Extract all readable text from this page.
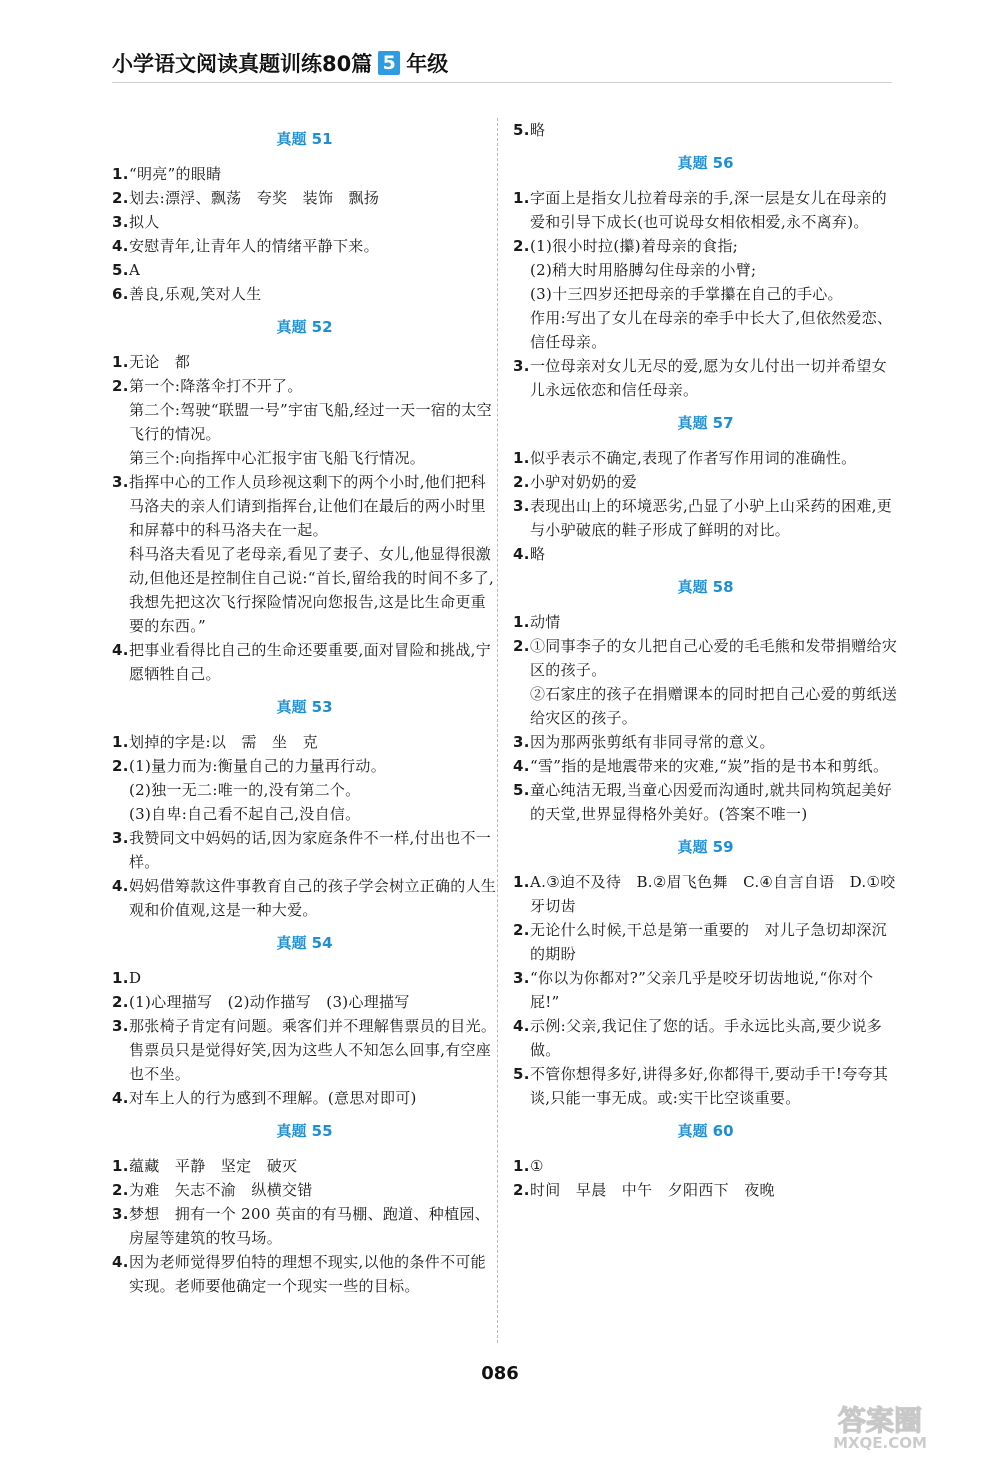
小学语文阅读真题训练80篇 5 年级
真题 51
1. “明亮”的眼睛
2. 划去:漂浮、飘荡　夸奖　装饰　飘扬
3. 拟人
4. 安慰青年,让青年人的情绪平静下来。
5. A
6. 善良,乐观,笑对人生
真题 52
1. 无论　都
2. 第一个:降落伞打不开了。
第二个:驾驶“联盟一号”宇宙飞船,经过一天一宿的太空飞行的情况。
第三个:向指挥中心汇报宇宙飞船飞行情况。
3. 指挥中心的工作人员珍视这剩下的两个小时,他们把科马洛夫的亲人们请到指挥台,让他们在最后的两小时里和屏幕中的科马洛夫在一起。
科马洛夫看见了老母亲,看见了妻子、女儿,他显得很激动,但他还是控制住自己说:“首长,留给我的时间不多了,我想先把这次飞行探险情况向您报告,这是比生命更重要的东西。”
4. 把事业看得比自己的生命还要重要,面对冒险和挑战,宁愿牺牲自己。
真题 53
1. 划掉的字是:以　需　坐　克
2. (1)量力而为:衡量自己的力量再行动。
(2)独一无二:唯一的,没有第二个。
(3)自卑:自己看不起自己,没自信。
3. 我赞同文中妈妈的话,因为家庭条件不一样,付出也不一样。
4. 妈妈借筹款这件事教育自己的孩子学会树立正确的人生观和价值观,这是一种大爱。
真题 54
1. D
2. (1)心理描写　(2)动作描写　(3)心理描写
3. 那张椅子肯定有问题。乘客们并不理解售票员的目光。售票员只是觉得好笑,因为这些人不知怎么回事,有空座也不坐。
4. 对车上人的行为感到不理解。(意思对即可)
真题 55
1. 蕴藏　平静　坚定　破灭
2. 为难　矢志不渝　纵横交错
3. 梦想　拥有一个 200 英亩的有马棚、跑道、种植园、房屋等建筑的牧马场。
4. 因为老师觉得罗伯特的理想不现实,以他的条件不可能实现。老师要他确定一个现实一些的目标。
5. 略
真题 56
1. 字面上是指女儿拉着母亲的手,深一层是女儿在母亲的爱和引导下成长(也可说母女相依相爱,永不离弃)。
2. (1)很小时拉(攥)着母亲的食指;
(2)稍大时用胳膊勾住母亲的小臂;
(3)十三四岁还把母亲的手掌攥在自己的手心。
作用:写出了女儿在母亲的牵手中长大了,但依然爱恋、信任母亲。
3. 一位母亲对女儿无尽的爱,愿为女儿付出一切并希望女儿永远依恋和信任母亲。
真题 57
1. 似乎表示不确定,表现了作者写作用词的准确性。
2. 小驴对奶奶的爱
3. 表现出山上的环境恶劣,凸显了小驴上山采药的困难,更与小驴破底的鞋子形成了鲜明的对比。
4. 略
真题 58
1. 动情
2. ①同事李子的女儿把自己心爱的毛毛熊和发带捐赠给灾区的孩子。
②石家庄的孩子在捐赠课本的同时把自己心爱的剪纸送给灾区的孩子。
3. 因为那两张剪纸有非同寻常的意义。
4. “雪”指的是地震带来的灾难,“炭”指的是书本和剪纸。
5. 童心纯洁无瑕,当童心因爱而沟通时,就共同构筑起美好的天堂,世界显得格外美好。(答案不唯一)
真题 59
1. A.③迫不及待　B.②眉飞色舞　C.④自言自语　D.①咬牙切齿
2. 无论什么时候,干总是第一重要的　对儿子急切却深沉的期盼
3. “你以为你都对?”父亲几乎是咬牙切齿地说,“你对个屁!”
4. 示例:父亲,我记住了您的话。手永远比头高,要少说多做。
5. 不管你想得多好,讲得多好,你都得干,要动手干!夸夸其谈,只能一事无成。或:实干比空谈重要。
真题 60
1. ①
2. 时间　早晨　中午　夕阳西下　夜晚
086
答案圈
MXQE.COM
